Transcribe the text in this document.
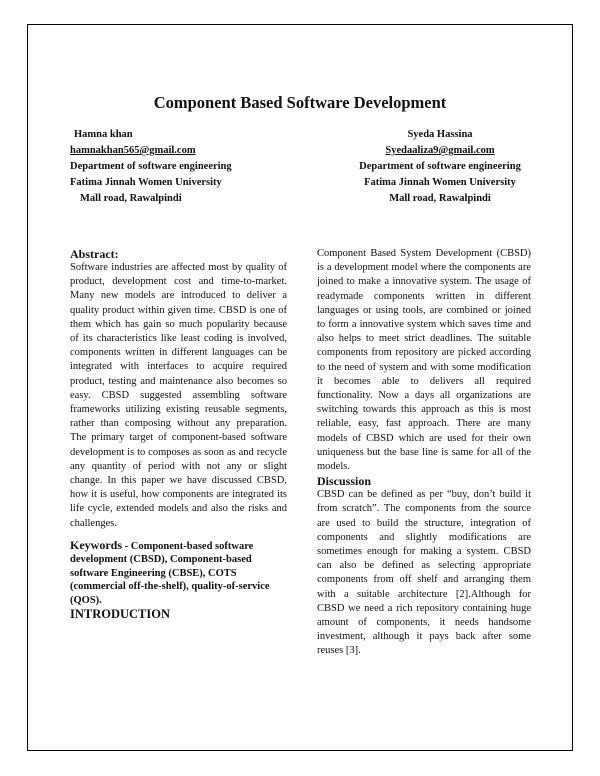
Component Based Software Development
Hamna khan
hamnakhan565@gmail.com
Department of software engineering
Fatima Jinnah Women University
Mall road, Rawalpindi
Syeda Hassina
Syedaaliza9@gmail.com
Department of software engineering
Fatima Jinnah Women University
Mall road, Rawalpindi
Abstract:

Software industries are affected most by quality of product, development cost and time-to-market. Many new models are introduced to deliver a quality product within given time. CBSD is one of them which has gain so much popularity because of its characteristics like least coding is involved, components written in different languages can be integrated with interfaces to acquire required product, testing and maintenance also becomes so easy. CBSD suggested assembling software frameworks utilizing existing reusable segments, rather than composing without any preparation. The primary target of component-based software development is to composes as soon as and recycle any quantity of period with not any or slight change. In this paper we have discussed CBSD, how it is useful, how components are integrated its life cycle, extended models and also the risks and challenges.

Keywords - Component-based software development (CBSD), Component-based software Engineering (CBSE), COTS (commercial off-the-shelf), quality-of-service (QOS).
INTRODUCTION

Component Based System Development (CBSD) is a development model where the components are joined to make a innovative system. The usage of readymade components written in different languages or using tools, are combined or joined to form a innovative system which saves time and also helps to meet strict deadlines. The suitable components from repository are picked according to the need of system and with some modification it becomes able to delivers all required functionality. Now a days all organizations are switching towards this approach as this is most reliable, easy, fast approach. There are many models of CBSD which are used for their own uniqueness but the base line is same for all of the models.

Discussion

CBSD can be defined as per “buy, don’t build it from scratch”. The components from the source are used to build the structure, integration of components and slightly modifications are sometimes enough for making a system. CBSD can also be defined as selecting appropriate components from off shelf and arranging them with a suitable architecture [2].Although for CBSD we need a rich repository containing huge amount of components, it needs handsome investment, although it pays back after some reuses [3].
